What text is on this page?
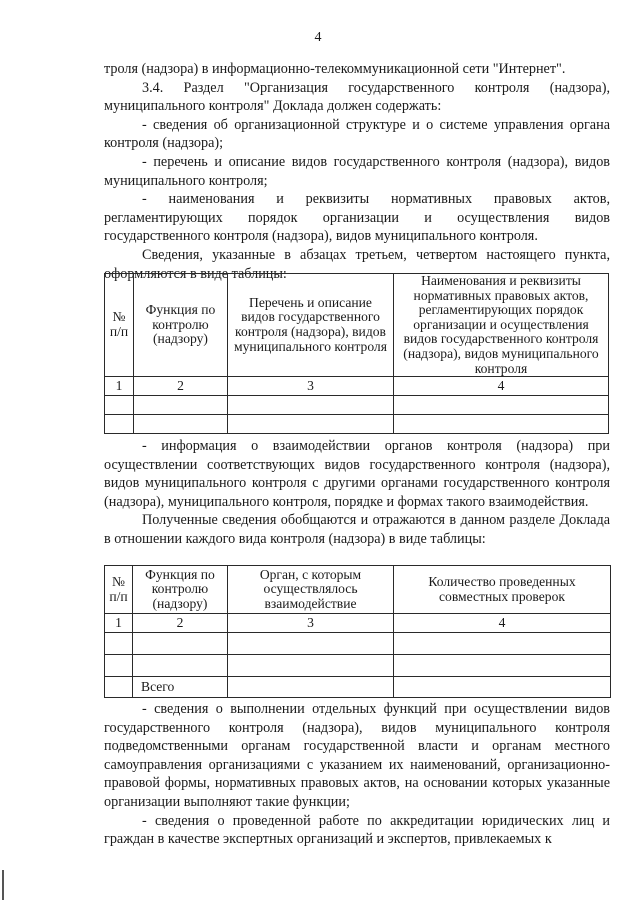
4

троля (надзора) в информационно-телекоммуникационной сети "Интернет".

3.4. Раздел "Организация государственного контроля (надзора), муниципального контроля" Доклада должен содержать:

- сведения об организационной структуре и о системе управления органа контроля (надзора);

- перечень и описание видов государственного контроля (надзора), видов муниципального контроля;

- наименования и реквизиты нормативных правовых актов, регламентирующих порядок организации и осуществления видов государственного контроля (надзора), видов муниципального контроля.

Сведения, указанные в абзацах третьем, четвертом настоящего пункта, оформляются в виде таблицы:

№ п/п	Функция по контролю (надзору)	Перечень и описание видов государственного контроля (надзора), видов муниципального контроля	Наименования и реквизиты нормативных правовых актов, регламентирующих порядок организации и осуществления видов государственного контроля (надзора), видов муниципального контроля
1	2	3	4

- информация о взаимодействии органов контроля (надзора) при осуществлении соответствующих видов государственного контроля (надзора), видов муниципального контроля с другими органами государственного контроля (надзора), муниципального контроля, порядке и формах такого взаимодействия.

Полученные сведения обобщаются и отражаются в данном разделе Доклада в отношении каждого вида контроля (надзора) в виде таблицы:

№ п/п	Функция по контролю (надзору)	Орган, с которым осуществлялось взаимодействие	Количество проведенных совместных проверок
1	2	3	4

	Всего		

- сведения о выполнении отдельных функций при осуществлении видов государственного контроля (надзора), видов муниципального контроля подведомственными органам государственной власти и органам местного самоуправления организациями с указанием их наименований, организационно-правовой формы, нормативных правовых актов, на основании которых указанные организации выполняют такие функции;

- сведения о проведенной работе по аккредитации юридических лиц и граждан в качестве экспертных организаций и экспертов, привлекаемых к
